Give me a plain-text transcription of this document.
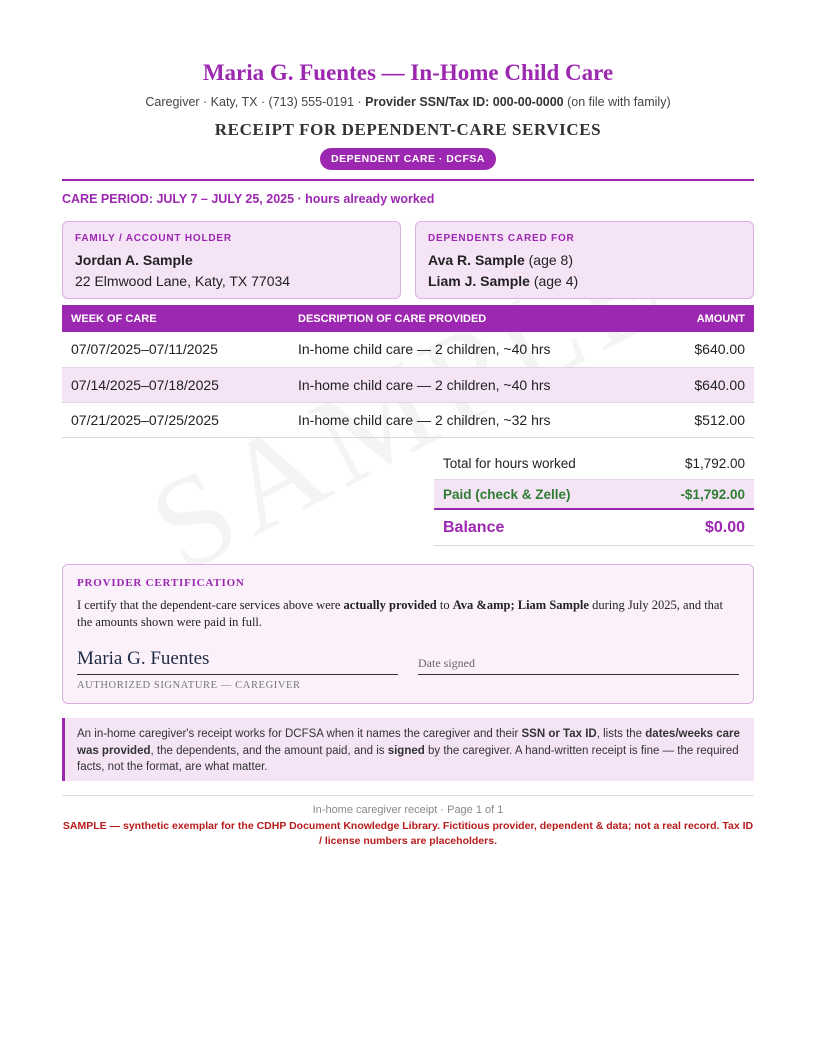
Maria G. Fuentes — In-Home Child Care
Caregiver · Katy, TX · (713) 555-0191 · Provider SSN/Tax ID: 000-00-0000 (on file with family)
RECEIPT FOR DEPENDENT-CARE SERVICES
DEPENDENT CARE · DCFSA
CARE PERIOD: JULY 7 – JULY 25, 2025 · hours already worked
FAMILY / ACCOUNT HOLDER
Jordan A. Sample
22 Elmwood Lane, Katy, TX 77034
DEPENDENTS CARED FOR
Ava R. Sample (age 8)
Liam J. Sample (age 4)
WEEK OF CARE	DESCRIPTION OF CARE PROVIDED	AMOUNT
07/07/2025–07/11/2025	In-home child care — 2 children, ~40 hrs	$640.00
07/14/2025–07/18/2025	In-home child care — 2 children, ~40 hrs	$640.00
07/21/2025–07/25/2025	In-home child care — 2 children, ~32 hrs	$512.00
Total for hours worked	$1,792.00
Paid (check & Zelle)	-$1,792.00
Balance	$0.00
PROVIDER CERTIFICATION
I certify that the dependent-care services above were actually provided to Ava &amp; Liam Sample during July 2025, and that the amounts shown were paid in full.
Maria G. Fuentes
AUTHORIZED SIGNATURE — CAREGIVER
Date signed
An in-home caregiver's receipt works for DCFSA when it names the caregiver and their SSN or Tax ID, lists the dates/weeks care was provided, the dependents, and the amount paid, and is signed by the caregiver. A hand-written receipt is fine — the required facts, not the format, are what matter.
In-home caregiver receipt · Page 1 of 1
SAMPLE — synthetic exemplar for the CDHP Document Knowledge Library. Fictitious provider, dependent & data; not a real record. Tax ID / license numbers are placeholders.
